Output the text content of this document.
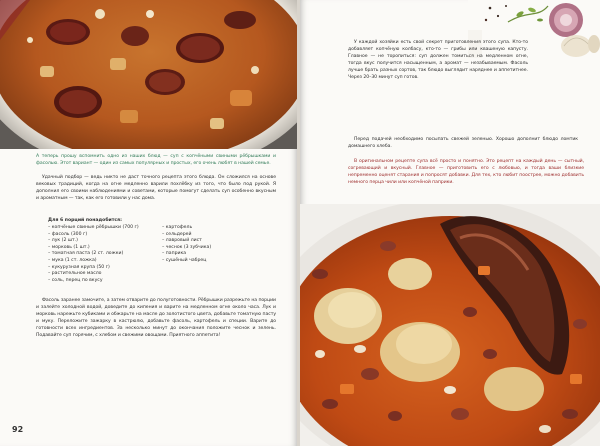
А теперь прошу вспомнить одно из наших блюд — суп с копчёными свиными рёбрышками и фасолью. Этот вариант — один из самых популярных и простых, его очень любят в нашей семье.

Удачный подбор — ведь никто не даст точного рецепта этого блюда. Он сложился на основе вековых традиций, когда на огне медленно варили похлёбку из того, что было под рукой. Я дополнил его своими наблюдениями и советами, которые помогут сделать суп особенно вкусным и ароматным — так, как его готовили у нас дома.

Для 6 порций понадобится:
– копчёные свиные рёбрышки (700 г)
– фасоль (300 г)
– лук (2 шт.)
– морковь (1 шт.)
– томатная паста (2 ст. ложки)
– мука (1 ст. ложка)
– кукурузная крупа (50 г)
– растительное масло
– соль, перец по вкусу
– картофель
– сельдерей
– лавровый лист
– чеснок (3 зубчика)
– паприка
– сушёный чабрец

Фасоль заранее замочите, а затем отварите до полуготовности. Рёбрышки разрежьте на порции и залейте холодной водой, доведите до кипения и варите на медленном огне около часа. Лук и морковь нарежьте кубиками и обжарьте на масле до золотистого цвета, добавьте томатную пасту и муку. Переложите зажарку в кастрюлю, добавьте фасоль, картофель и специи. Варите до готовности всех ингредиентов. За несколько минут до окончания положите чеснок и зелень. Подавайте суп горячим, с хлебом и свежими овощами. Приятного аппетита!

92

У каждой хозяйки есть свой секрет приготовления этого супа. Кто-то добавляет копчёную колбасу, кто-то — грибы или квашеную капусту. Главное — не торопиться: суп должен томиться на медленном огне, тогда вкус получится насыщенным, а аромат — незабываемым. Фасоль лучше брать разных сортов, так блюдо выглядит наряднее и аппетитнее. Через 20–30 минут суп готов.

Перед подачей необходимо посыпать свежей зеленью. Хорошо дополнит блюдо ломтик домашнего хлеба.

В оригинальном рецепте супа всё просто и понятно. Это рецепт на каждый день — сытный, согревающий и вкусный. Главное — приготовить его с любовью, и тогда ваши близкие непременно оценят старания и попросят добавки. Для тех, кто любит поострее, можно добавить немного перца чили или копчёной паприки.
